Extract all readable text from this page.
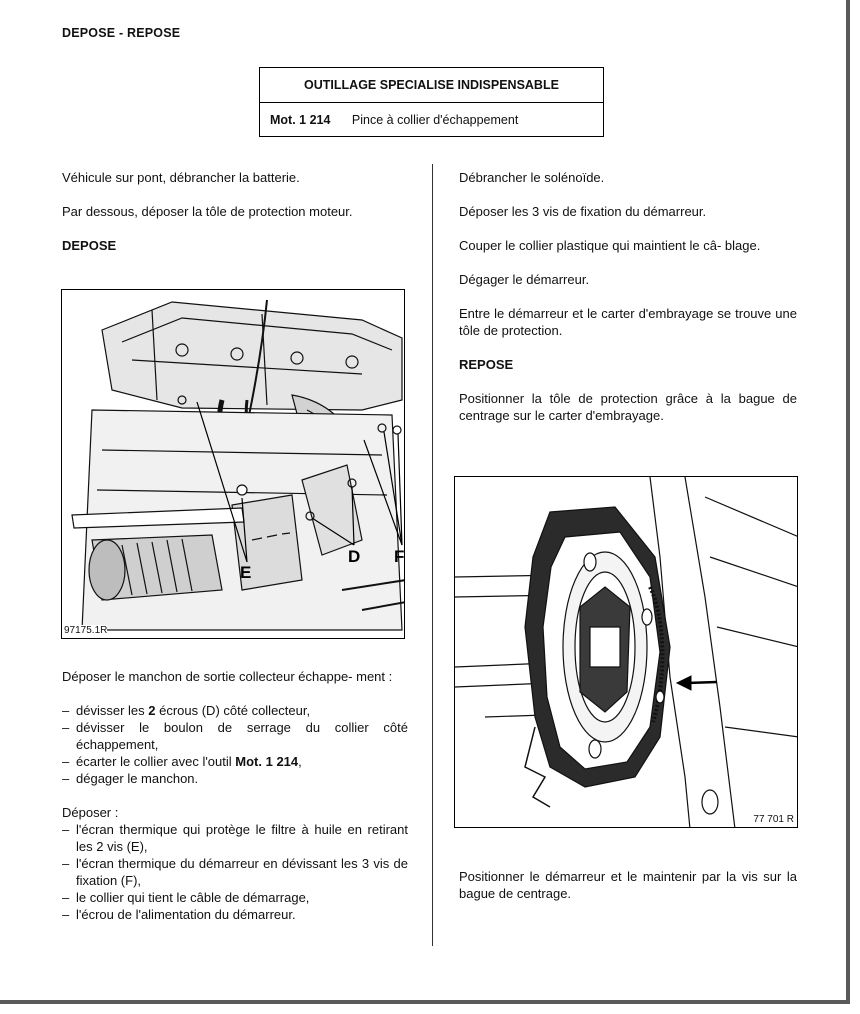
DEPOSE - REPOSE
OUTILLAGE SPECIALISE INDISPENSABLE
Mot. 1 214 Pince à collier d'échappement

Véhicule sur pont, débrancher la batterie.

Par dessous, déposer la tôle de protection moteur.

DEPOSE

E
D F
97175.1R

Déposer le manchon de sortie collecteur échappe- ment :

– dévisser les 2 écrous (D) côté collecteur,
– dévisser le boulon de serrage du collier côté échappement,
– écarter le collier avec l'outil Mot. 1 214,
– dégager le manchon.

Déposer :

– l'écran thermique qui protège le filtre à huile en retirant les 2 vis (E),
– l'écran thermique du démarreur en dévissant les 3 vis de fixation (F),
– le collier qui tient le câble de démarrage,
– l'écrou de l'alimentation du démarreur.

Débrancher le solénoïde.

Déposer les 3 vis de fixation du démarreur.

Couper le collier plastique qui maintient le câ- blage.

Dégager le démarreur.

Entre le démarreur et le carter d'embrayage se trouve une tôle de protection.

REPOSE

Positionner la tôle de protection grâce à la bague de centrage sur le carter d'embrayage.

77 701 R

Positionner le démarreur et le maintenir par la vis sur la bague de centrage.
